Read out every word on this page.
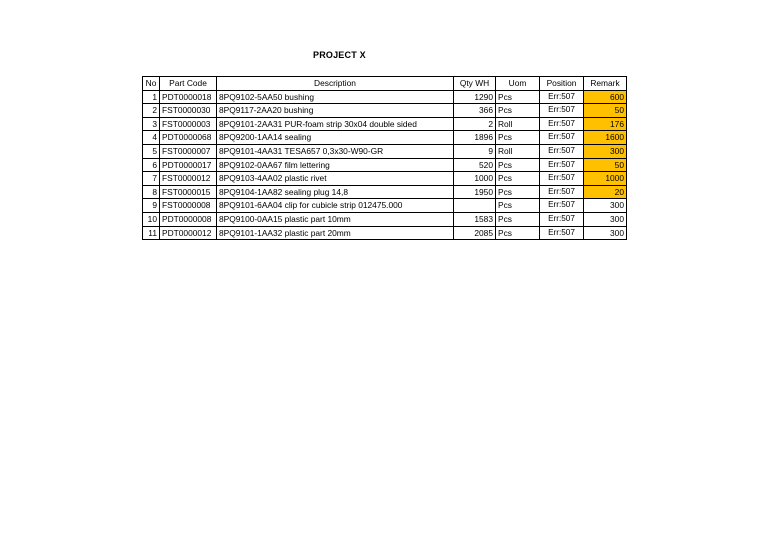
PROJECT X
No	Part Code	Description	Qty WH	Uom	Position	Remark
1	PDT0000018	8PQ9102-5AA50 bushing	1290	Pcs	Err:507	600
2	FST0000030	8PQ9117-2AA20 bushing	366	Pcs	Err:507	50
3	FST0000003	8PQ9101-2AA31 PUR-foam strip 30x04 double sided	2	Roll	Err:507	176
4	PDT0000068	8PQ9200-1AA14 sealing	1896	Pcs	Err:507	1600
5	FST0000007	8PQ9101-4AA31 TESA657 0,3x30-W90-GR	9	Roll	Err:507	300
6	PDT0000017	8PQ9102-0AA67 film lettering	520	Pcs	Err:507	50
7	FST0000012	8PQ9103-4AA02 plastic rivet	1000	Pcs	Err:507	1000
8	FST0000015	8PQ9104-1AA82 sealing plug 14,8	1950	Pcs	Err:507	20
9	FST0000008	8PQ9101-6AA04 clip for cubicle strip 012475.000		Pcs	Err:507	300
10	PDT0000008	8PQ9100-0AA15 plastic part 10mm	1583	Pcs	Err:507	300
11	PDT0000012	8PQ9101-1AA32 plastic part 20mm	2085	Pcs	Err:507	300
